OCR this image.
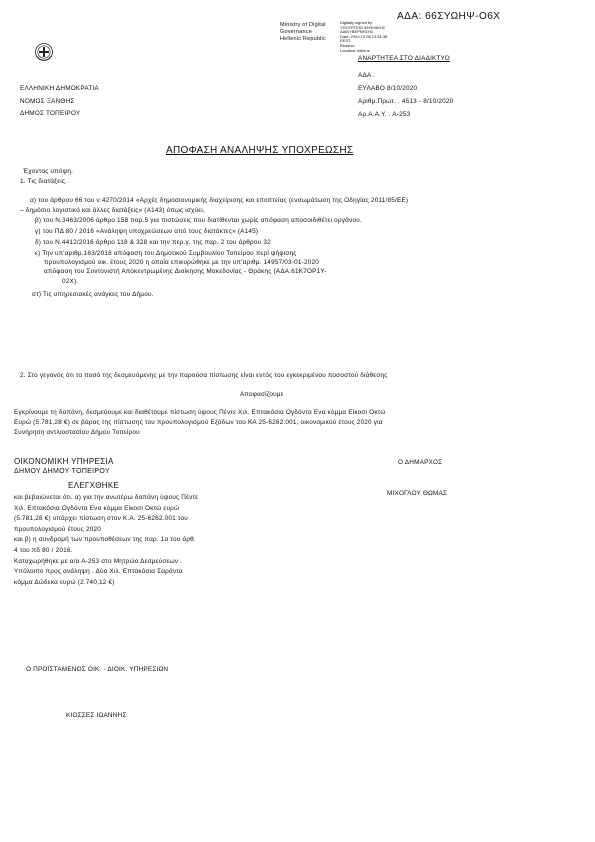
ΑΔΑ: 66ΣΥΩΗΨ-Ο6Χ
Ministry of Digital
Governance
Hellenic Republic
Digitally signed by
ΥΠΟΥΡΓΕΙΟ ΨΗΦΙΑΚΗΣ
ΔΙΑΚΥΒΕΡΝΗΣΗΣ
Date: 2020.10.08 13:51:38
EEST
Reason:
Location: Athens
ΕΛΛΗΝΙΚΗ ΔΗΜΟΚΡΑΤΙΑ
ΝΟΜΟΣ ΞΑΝΘΗΣ
ΔΗΜΟΣ ΤΟΠΕΙΡΟΥ
ΑΝΑΡΤΗΤΕΑ ΣΤΟ ΔΙΑΔΙΚΤΥΟ
ΑΔΑ .
ΕΥΛΑΒΟ 8/10/2020
Αριθμ.Πρωτ. . 4513 - 8/10/2020
Αρ.Α.Α.Υ. . Α-253
ΑΠΟΦΑΣΗ ΑΝΑΛΗΨΗΣ ΥΠΟΧΡΕΩΣΗΣ
Έχοντας υπόψη.
1. Τις διατάξεις.
α) του άρθρου 66 του ν.4270/2014 «Αρχές δημοσιονομικής διαχείρισης και εποπτείας (ενσωμάτωση της Οδηγίας 2011/85/ΕΕ)
– δημόσιο λογιστικό και άλλες διατάξεις» (Α143) όπως ισχύει,
β) του Ν.3463/2006 άρθρο 158 παρ.5 για πιστώσεις που διατίθενται χωρίς απόφαση αποσοιδιθέτει οργάνου.
γ) του ΠΔ 80 / 2016 «Ανάληψη υποχρεώσεων από τους διατάκτες» (Α145)
δ) του Ν.4412/2016 άρθρο 118 & 328 και την περ.γ. της παρ. 2 του άρθρου 32
ε) Την υπ'αριθμ.163/2018 απόφαση του Δημοτικού Συμβουλίου Τοπείρου περί ψήφισης
προυπολογισμού οικ. έτους 2020 η οποία επικυρώθηκε με την υπ'αριθμ. 14957/03-01-2020
απόφαση του Συντονιστή Αποκεντρωμένης Διοίκησης Μακεδονίας - Θράκης (ΑΔΑ.61Κ7ΟΡ1Υ-
02Χ).
στ) Τις υπηρεσιακές ανάγκες του Δήμου.
2. Στο γεγονός ότι το ποσό της δεσμευόμενης με την παρούσα πίστωσης είναι εντός του εγκεκριμένου ποσοστού διάθεσης
Αποφασίζουμε
Εγκρίνουμε τη δαπάνη, δεσμεύουμε και διαθέτουμε πίστωση ύψους Πέντε Χιλ. Επτακόσια Ογδόντα Ενα κόμμα Είκοσι Οκτώ
Ευρώ (5.781,28 €) σε βάρος της πίστωσης του προυπολογισμού Εξόδων του ΚΑ 25-6262.001, οικονομικού έτους 2020 για
Συνήρηση αντλιοστασίου Δήμου Τοπείρου
ΟΙΚΟΝΟΜΙΚΗ ΥΠΗΡΕΣΙΑ
ΔΗΜΟΥ ΔΗΜΟΥ ΤΟΠΕΙΡΟΥ
ΕΛΕΓΧΘΗΚΕ
και βεβαιώνεται ότι. α) για την ανωτέρω δαπάνη ύψους Πέντε
Χιλ. Επτακόσια Ογδόντα Ενα κόμμα Είκοσι Οκτώ ευρώ
(5.781,28 €) υπάρχει πίστωση στον Κ.Α. 25-6262.001 του
προυπολογισμού έτους 2020
και β) η συνδρομή των προυποθέσεων της παρ. 1α του άρθ.
4 του πδ 80 / 2016.
Καταχωρήθηκε με α/α Α-253 στο Μητρώο Δεσμεύσεων .
Υπόλοιπο προς ανάληψη . Δύο Χιλ. Επτακόσια Σαράντα
κόμμα Δώδεκα ευρώ (2.740,12 €)
Ο ΔΗΜΑΡΧΟΣ
ΜΙΧΟΓΛΟΥ ΘΩΜΑΣ
Ο ΠΡΟΪΣΤΑΜΕΝΟΣ ΟΙΚ. - ΔΙΟΙΚ. ΥΠΗΡΕΣΙΩΝ
ΚΙΟΣΣΕΣ ΙΩΑΝΝΗΣ
